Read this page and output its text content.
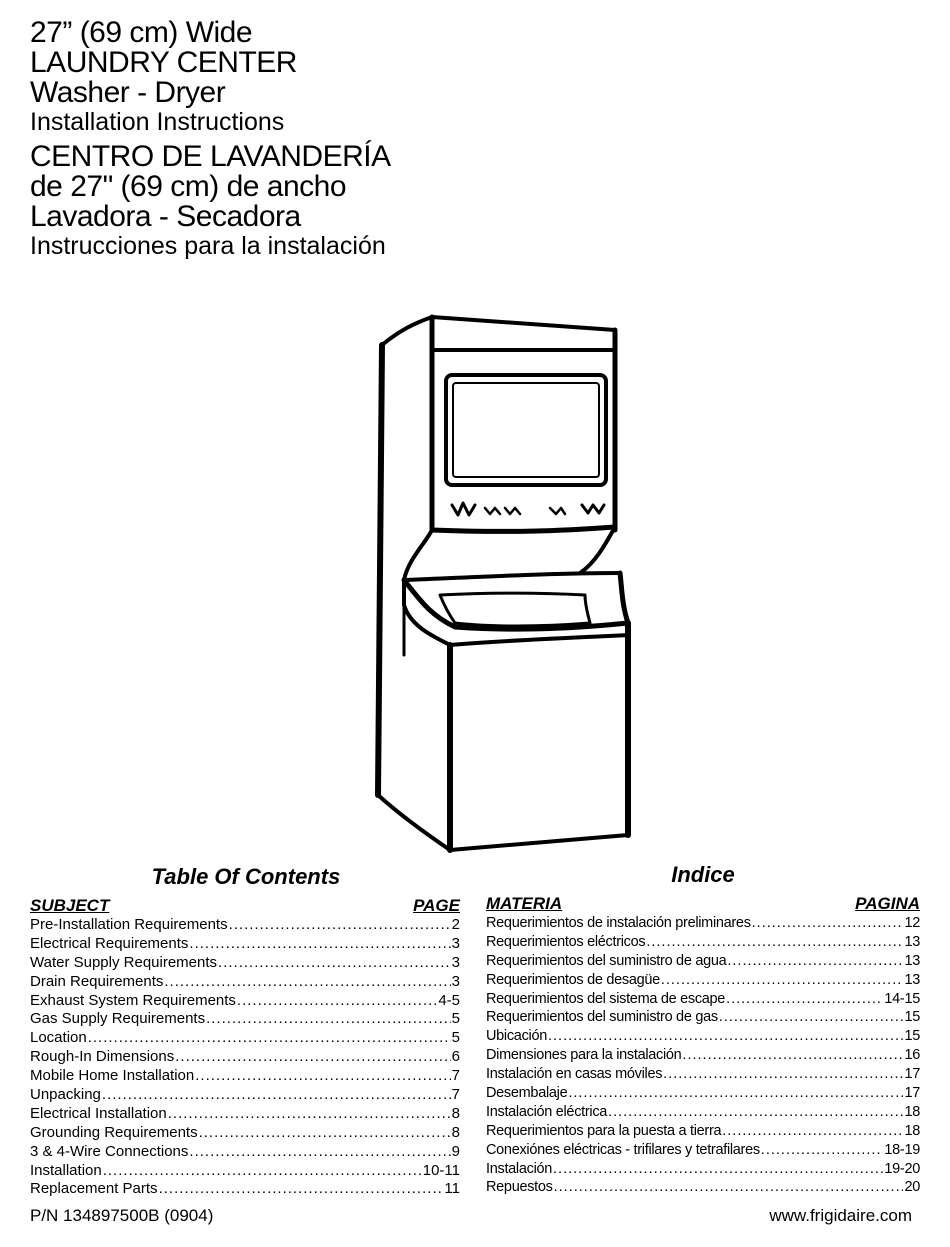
27” (69 cm) Wide
LAUNDRY CENTER
Washer - Dryer
Installation Instructions
CENTRO DE LAVANDERÍA
de 27" (69 cm) de ancho
Lavadora - Secadora
Instrucciones para la instalación
Table Of Contents
SUBJECT	PAGE
Pre-Installation Requirements .....	2
Electrical Requirements .....	3
Water Supply Requirements .....	3
Drain Requirements .....	3
Exhaust System Requirements .....	4-5
Gas Supply Requirements .....	5
Location .....	5
Rough-In Dimensions .....	6
Mobile Home Installation .....	7
Unpacking .....	7
Electrical Installation .....	8
Grounding Requirements .....	8
3 & 4-Wire Connections .....	9
Installation .....	10-11
Replacement Parts .....	11
Indice
MATERIA	PAGINA
Requerimientos de instalación preliminares .....	12
Requerimientos eléctricos .....	13
Requerimientos del suministro de agua .....	13
Requerimientos de desagüe .....	13
Requerimientos del sistema de escape .....	14-15
Requerimientos del suministro de gas .....	15
Ubicación .....	15
Dimensiones para la instalación .....	16
Instalación en casas móviles .....	17
Desembalaje .....	17
Instalación eléctrica .....	18
Requerimientos para la puesta a tierra .....	18
Conexiónes eléctricas - trifilares y tetrafilares .....	18-19
Instalación .....	19-20
Repuestos .....	20
P/N 134897500B (0904)	www.frigidaire.com
